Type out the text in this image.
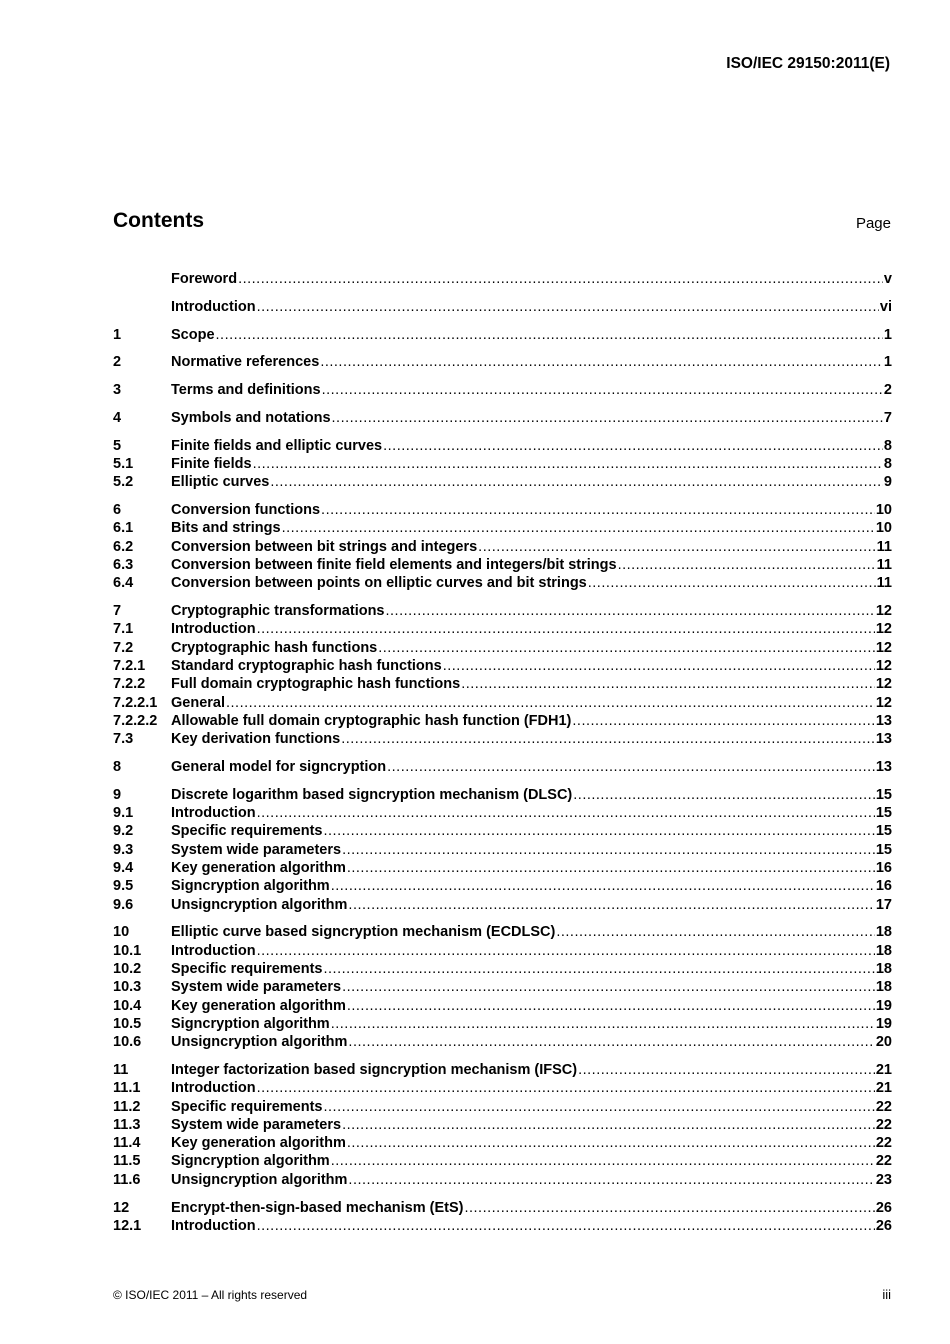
ISO/IEC 29150:2011(E)
Contents	Page
Foreword .....	v
Introduction .....	vi
1	Scope .....	1
2	Normative references .....	1
3	Terms and definitions .....	2
4	Symbols and notations .....	7
5	Finite fields and elliptic curves .....	8
5.1	Finite fields .....	8
5.2	Elliptic curves .....	9
6	Conversion functions .....	10
6.1	Bits and strings .....	10
6.2	Conversion between bit strings and integers .....	11
6.3	Conversion between finite field elements and integers/bit strings .....	11
6.4	Conversion between points on elliptic curves and bit strings .....	11
7	Cryptographic transformations .....	12
7.1	Introduction .....	12
7.2	Cryptographic hash functions .....	12
7.2.1	Standard cryptographic hash functions .....	12
7.2.2	Full domain cryptographic hash functions .....	12
7.2.2.1 General .....	12
7.2.2.2 Allowable full domain cryptographic hash function (FDH1) .....	13
7.3	Key derivation functions .....	13
8	General model for signcryption .....	13
9	Discrete logarithm based signcryption mechanism (DLSC) .....	15
9.1	Introduction .....	15
9.2	Specific requirements .....	15
9.3	System wide parameters .....	15
9.4	Key generation algorithm .....	16
9.5	Signcryption algorithm .....	16
9.6	Unsigncryption algorithm .....	17
10	Elliptic curve based signcryption mechanism (ECDLSC) .....	18
10.1	Introduction .....	18
10.2	Specific requirements .....	18
10.3	System wide parameters .....	18
10.4	Key generation algorithm .....	19
10.5	Signcryption algorithm .....	19
10.6	Unsigncryption algorithm .....	20
11	Integer factorization based signcryption mechanism (IFSC) .....	21
11.1	Introduction .....	21
11.2	Specific requirements .....	22
11.3	System wide parameters .....	22
11.4	Key generation algorithm .....	22
11.5	Signcryption algorithm .....	22
11.6	Unsigncryption algorithm .....	23
12	Encrypt-then-sign-based mechanism (EtS) .....	26
12.1	Introduction .....	26
© ISO/IEC 2011 – All rights reserved	iii
